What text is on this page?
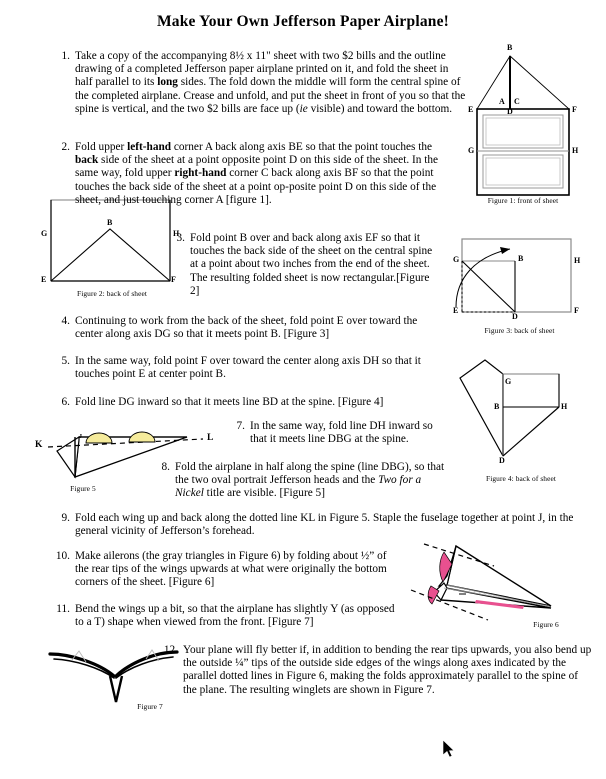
Make Your Own Jefferson Paper Airplane!
B
A C
E	D	F
G	H
Figure 1: front of sheet
G
B
H
E	F
Figure 2: back of sheet
G	B	H
E
D
F
Figure 3: back of sheet
G
B	H
D
Figure 4: back of sheet
K
J	L
Figure 5
Figure 6
Figure 7
1. Take a copy of the accompanying 8½ x 11" sheet with two $2 bills and the outline drawing of a completed Jefferson paper airplane printed on it, and fold the sheet in half parallel to its long sides. The fold down the middle will form the central spine of the completed airplane. Crease and unfold, and put the sheet in front of you so that the spine is vertical, and the two $2 bills are face up (ie visible) and toward the bottom.
2. Fold upper left-hand corner A back along axis BE so that the point touches the back side of the sheet at a point opposite point D on this side of the sheet. In the same way, fold upper right-hand corner C back along axis BF so that the point touches the back side of the sheet at a point op-posite point D on this side of the sheet, and just touching corner A [figure 1].
3. Fold point B over and back along axis EF so that it touches the back side of the sheet on the central spine at a point about two inches from the end of the sheet. The resulting folded sheet is now rectangular.[Figure 2]
4. Continuing to work from the back of the sheet, fold point E over toward the center along axis DG so that it meets point B. [Figure 3]
5. In the same way, fold point F over toward the center along axis DH so that it touches point E at center point B.
6. Fold line DG inward so that it meets line BD at the spine. [Figure 4]
7. In the same way, fold line DH inward so that it meets line DBG at the spine.
8. Fold the airplane in half along the spine (line DBG), so that the two oval portrait Jefferson heads and the Two for a Nickel title are visible. [Figure 5]
9. Fold each wing up and back along the dotted line KL in Figure 5. Staple the fuselage together at point J, in the general vicinity of Jefferson’s forehead.
10. Make ailerons (the gray triangles in Figure 6) by folding about ½” of the rear tips of the wings upwards at what were originally the bottom corners of the sheet. [Figure 6]
11. Bend the wings up a bit, so that the airplane has slightly Y (as opposed to a T) shape when viewed from the front. [Figure 7]
12. Your plane will fly better if, in addition to bending the rear tips upwards, you also bend up the outside ¼” tips of the outside side edges of the wings along axes indicated by the parallel dotted lines in Figure 6, making the folds approximately parallel to the spine of the plane. The resulting winglets are shown in Figure 7.
